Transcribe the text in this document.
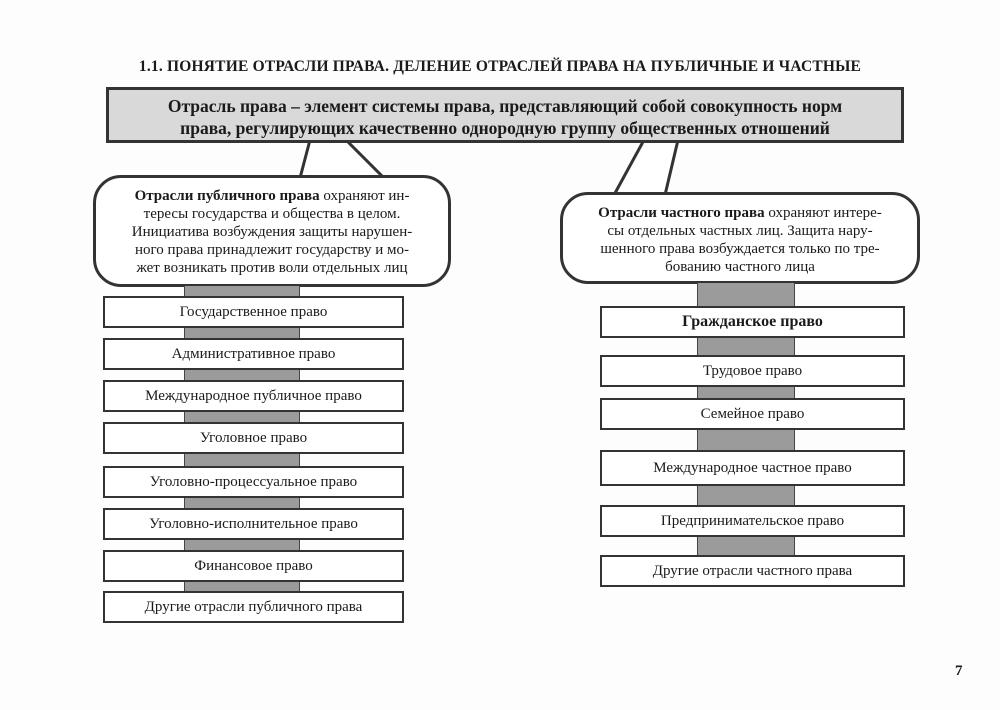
1.1. ПОНЯТИЕ ОТРАСЛИ ПРАВА. ДЕЛЕНИЕ ОТРАСЛЕЙ ПРАВА НА ПУБЛИЧНЫЕ И ЧАСТНЫЕ
Отрасль права – элемент системы права, представляющий собой совокупность норм
права, регулирующих качественно однородную группу общественных отношений
Отрасли публичного права охраняют ин-
тересы государства и общества в целом.
Инициатива возбуждения защиты нарушен-
ного права принадлежит государству и мо-
жет возникать против воли отдельных лиц
Отрасли частного права охраняют интере-
сы отдельных частных лиц. Защита нару-
шенного права возбуждается только по тре-
бованию частного лица
Государственное право
Административное право
Международное публичное право
Уголовное право
Уголовно-процессуальное право
Уголовно-исполнительное право
Финансовое право
Другие отрасли публичного права
Гражданское право
Трудовое право
Семейное право
Международное частное право
Предпринимательское право
Другие отрасли частного права
7
